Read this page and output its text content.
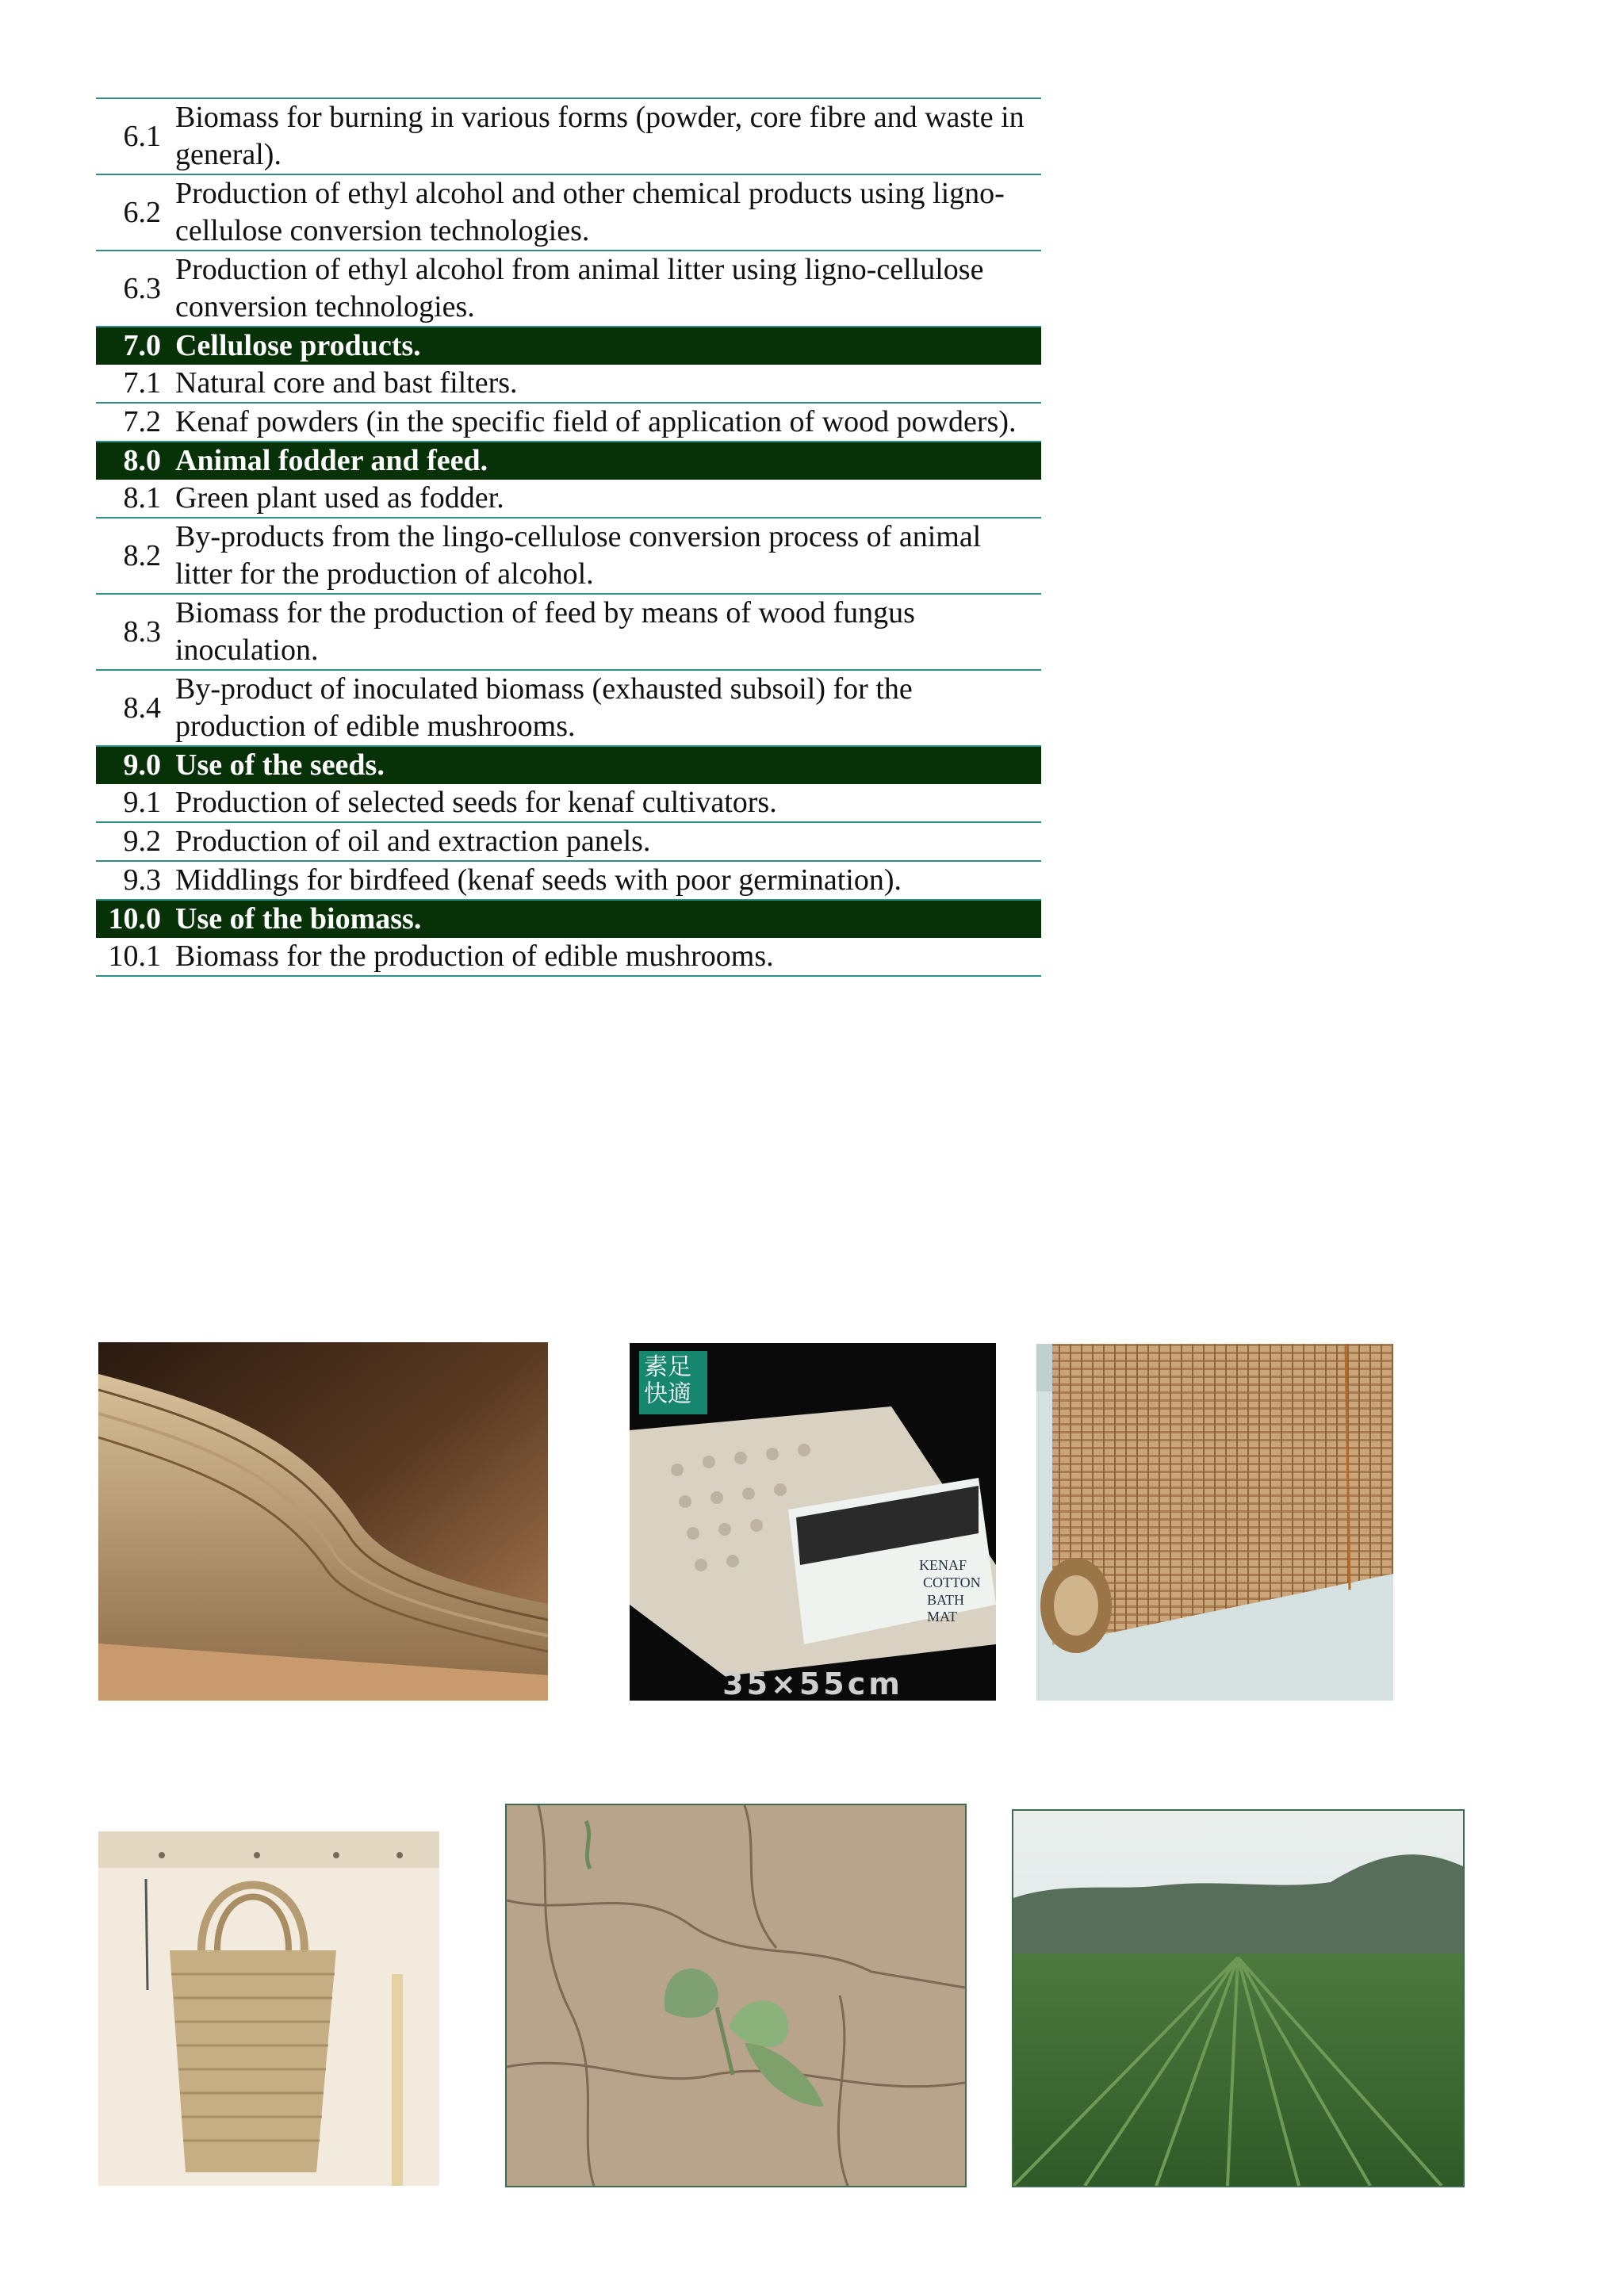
6.1	Biomass for burning in various forms (powder, core fibre and waste in general).
6.2	Production of ethyl alcohol and other chemical products using ligno-cellulose conversion technologies.
6.3	Production of ethyl alcohol from animal litter using ligno-cellulose conversion technologies.
7.0	Cellulose products.
7.1	Natural core and bast filters.
7.2	Kenaf powders (in the specific field of application of wood powders).
8.0	Animal fodder and feed.
8.1	Green plant used as fodder.
8.2	By-products from the lingo-cellulose conversion process of animal litter for the production of alcohol.
8.3	Biomass for the production of feed by means of wood fungus inoculation.
8.4	By-product of inoculated biomass (exhausted subsoil) for the production of edible mushrooms.
9.0	Use of the seeds.
9.1	Production of selected seeds for kenaf cultivators.
9.2	Production of oil and extraction panels.
9.3	Middlings for birdfeed (kenaf seeds with poor germination).
10.0	Use of the biomass.
10.1	Biomass for the production of edible mushrooms.
素足快適
KENAF
COTTON
BATH MAT
35×55cm
